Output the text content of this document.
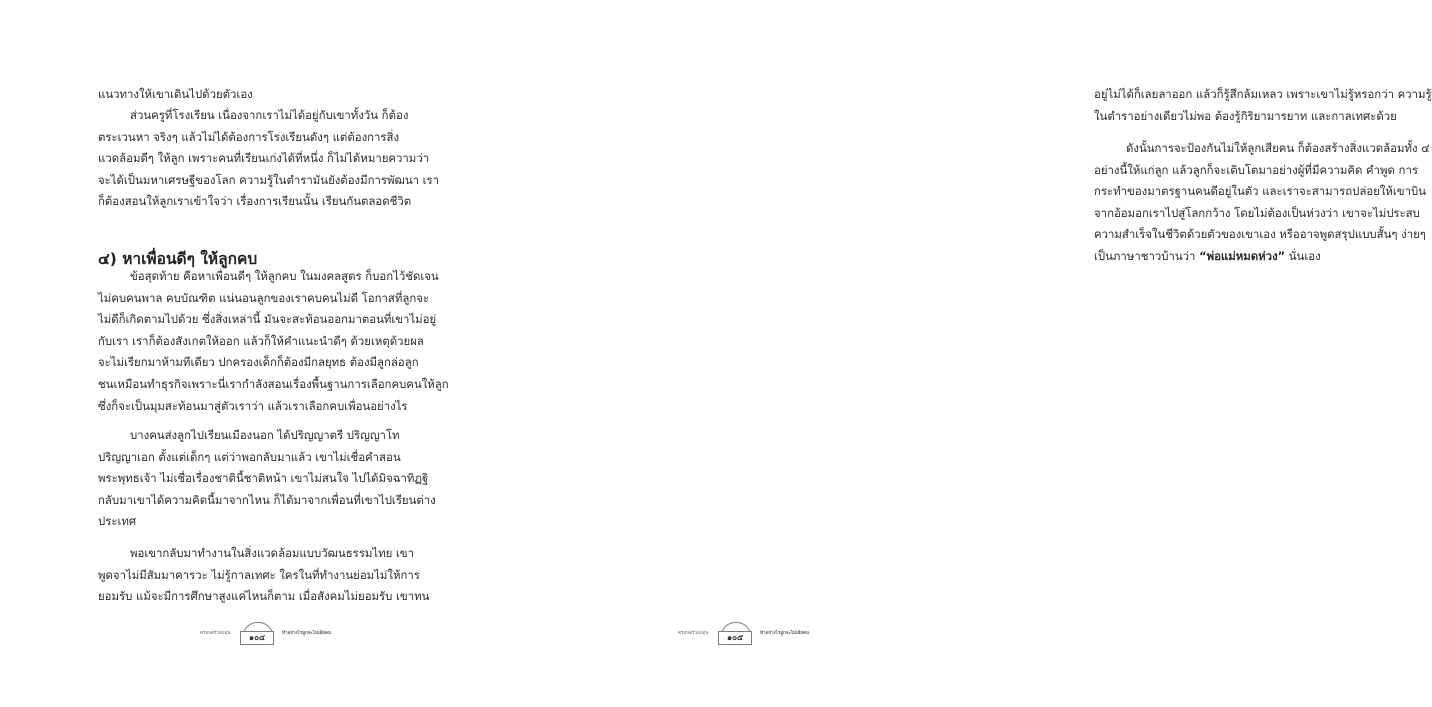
แนวทางให้เขาเดินไปด้วยตัวเอง
ส่วนครูที่โรงเรียน เนื่องจากเราไม่ได้อยู่กับเขาทั้งวัน ก็ต้อง
ตระเวนหา จริงๆ แล้วไม่ได้ต้องการโรงเรียนดังๆ แต่ต้องการสิ่ง
แวดล้อมดีๆ ให้ลูก เพราะคนที่เรียนเก่งได้ที่หนึ่ง ก็ไม่ได้หมายความว่า
จะได้เป็นมหาเศรษฐีของโลก ความรู้ในตำรามันยังต้องมีการพัฒนา เรา
ก็ต้องสอนให้ลูกเราเข้าใจว่า เรื่องการเรียนนั้น เรียนกันตลอดชีวิต
๔) หาเพื่อนดีๆ ให้ลูกคบ
ข้อสุดท้าย คือหาเพื่อนดีๆ ให้ลูกคบ ในมงคลสูตร ก็บอกไว้ชัดเจน
ไม่คบคนพาล คบบัณฑิต แน่นอนลูกของเราคบคนไม่ดี โอกาสที่ลูกจะ
ไม่ดีก็เกิดตามไปด้วย ซึ่งสิ่งเหล่านี้ มันจะสะท้อนออกมาตอนที่เขาไม่อยู่
กับเรา เราก็ต้องสังเกตให้ออก แล้วก็ให้คำแนะนำดีๆ ด้วยเหตุด้วยผล
จะไม่เรียกมาห้ามทีเดียว ปกครองเด็กก็ต้องมีกลยุทธ ต้องมีลูกล่อลูก
ชนเหมือนทำธุรกิจเพราะนี่เรากำลังสอนเรื่องพื้นฐานการเลือกคบคนให้ลูก
ซึ่งก็จะเป็นมุมสะท้อนมาสู่ตัวเราว่า แล้วเราเลือกคบเพื่อนอย่างไร
บางคนส่งลูกไปเรียนเมืองนอก ได้ปริญญาตรี ปริญญาโท
ปริญญาเอก ตั้งแต่เด็กๆ แต่ว่าพอกลับมาแล้ว เขาไม่เชื่อคำสอน
พระพุทธเจ้า ไม่เชื่อเรื่องชาตินี้ชาติหน้า เขาไม่สนใจ ไปได้มิจฉาทิฏฐิ
กลับมาเขาได้ความคิดนี้มาจากไหน ก็ได้มาจากเพื่อนที่เขาไปเรียนต่าง
ประเทศ
พอเขากลับมาทำงานในสิ่งแวดล้อมแบบวัฒนธรรมไทย เขา
พูดจาไม่มีสัมมาคารวะ ไม่รู้กาลเทศะ ใครในที่ทำงานย่อมไม่ให้การ
ยอมรับ แม้จะมีการศึกษาสูงแค่ไหนก็ตาม เมื่อสังคมไม่ยอมรับ เขาทน
ครอบครัวอบอุ่น	๑๐๔	ทำอย่างไรลูกจะไม่เสียคน
อยู่ไม่ได้ก็เลยลาออก แล้วก็รู้สึกล้มเหลว เพราะเขาไม่รู้หรอกว่า ความรู้
ในตำราอย่างเดียวไม่พอ ต้องรู้กิริยามารยาท และกาลเทศะด้วย
ดังนั้นการจะป้องกันไม่ให้ลูกเสียคน ก็ต้องสร้างสิ่งแวดล้อมทั้ง ๔
อย่างนี้ให้แก่ลูก แล้วลูกก็จะเติบโตมาอย่างผู้ที่มีความคิด คำพูด การ
กระทำของมาตรฐานคนดีอยู่ในตัว และเราจะสามารถปล่อยให้เขาบิน
จากอ้อมอกเราไปสู่โลกกว้าง โดยไม่ต้องเป็นห่วงว่า เขาจะไม่ประสบ
ความสำเร็จในชีวิตด้วยตัวของเขาเอง หรืออาจพูดสรุปแบบสั้นๆ ง่ายๆ
เป็นภาษาชาวบ้านว่า “พ่อแม่หมดห่วง” นั่นเอง
ครอบครัวอบอุ่น	๑๐๕	ทำอย่างไรลูกจะไม่เสียคน
